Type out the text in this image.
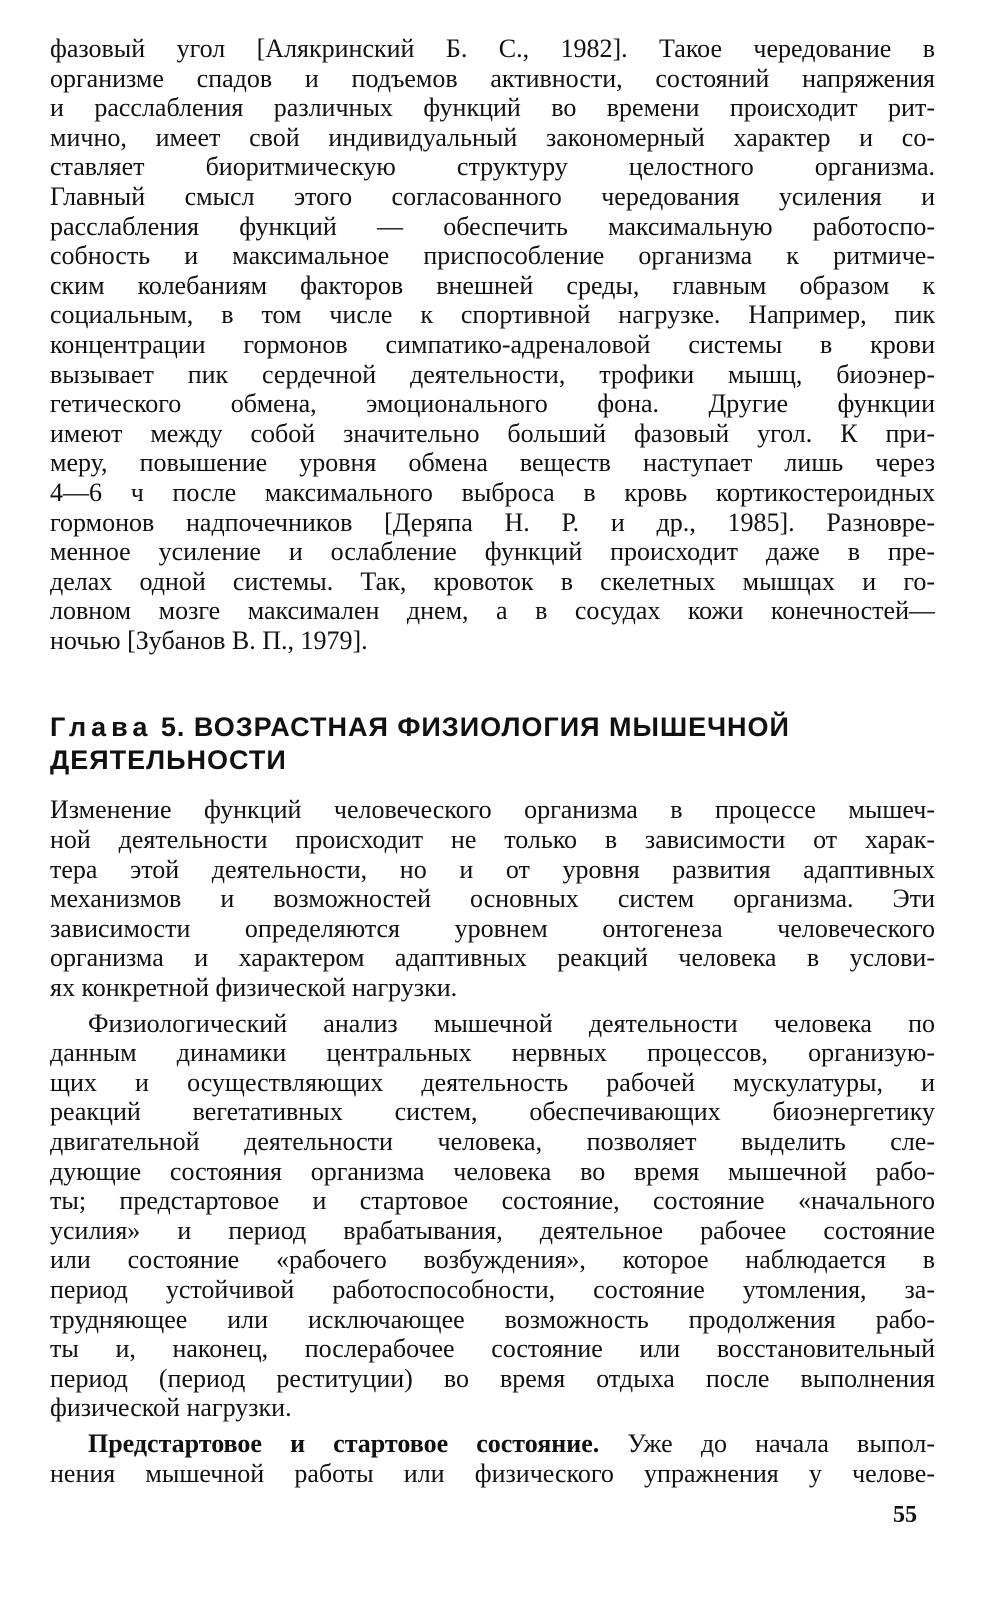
фазовый угол [Алякринский Б. С., 1982]. Такое чередование в
организме спадов и подъемов активности, состояний напряжения
и расслабления различных функций во времени происходит рит-
мично, имеет свой индивидуальный закономерный характер и со-
ставляет биоритмическую структуру целостного организма.
Главный смысл этого согласованного чередования усиления и
расслабления функций — обеспечить максимальную работоспо-
собность и максимальное приспособление организма к ритмиче-
ским колебаниям факторов внешней среды, главным образом к
социальным, в том числе к спортивной нагрузке. Например, пик
концентрации гормонов симпатико-адреналовой системы в крови
вызывает пик сердечной деятельности, трофики мышц, биоэнер-
гетического обмена, эмоционального фона. Другие функции
имеют между собой значительно больший фазовый угол. К при-
меру, повышение уровня обмена веществ наступает лишь через
4—6 ч после максимального выброса в кровь кортикостероидных
гормонов надпочечников [Деряпа Н. Р. и др., 1985]. Разновре-
менное усиление и ослабление функций происходит даже в пре-
делах одной системы. Так, кровоток в скелетных мышцах и го-
ловном мозге максимален днем, а в сосудах кожи конечностей—
ночью [Зубанов В. П., 1979].
Глава 5. ВОЗРАСТНАЯ ФИЗИОЛОГИЯ МЫШЕЧНОЙ
ДЕЯТЕЛЬНОСТИ
Изменение функций человеческого организма в процессе мышеч-
ной деятельности происходит не только в зависимости от харак-
тера этой деятельности, но и от уровня развития адаптивных
механизмов и возможностей основных систем организма. Эти
зависимости определяются уровнем онтогенеза человеческого
организма и характером адаптивных реакций человека в услови-
ях конкретной физической нагрузки.
Физиологический анализ мышечной деятельности человека по
данным динамики центральных нервных процессов, организую-
щих и осуществляющих деятельность рабочей мускулатуры, и
реакций вегетативных систем, обеспечивающих биоэнергетику
двигательной деятельности человека, позволяет выделить сле-
дующие состояния организма человека во время мышечной рабо-
ты; предстартовое и стартовое состояние, состояние «начального
усилия» и период врабатывания, деятельное рабочее состояние
или состояние «рабочего возбуждения», которое наблюдается в
период устойчивой работоспособности, состояние утомления, за-
трудняющее или исключающее возможность продолжения рабо-
ты и, наконец, послерабочее состояние или восстановительный
период (период реституции) во время отдыха после выполнения
физической нагрузки.
Предстартовое и стартовое состояние. Уже до начала выпол-
нения мышечной работы или физического упражнения у челове-
55
